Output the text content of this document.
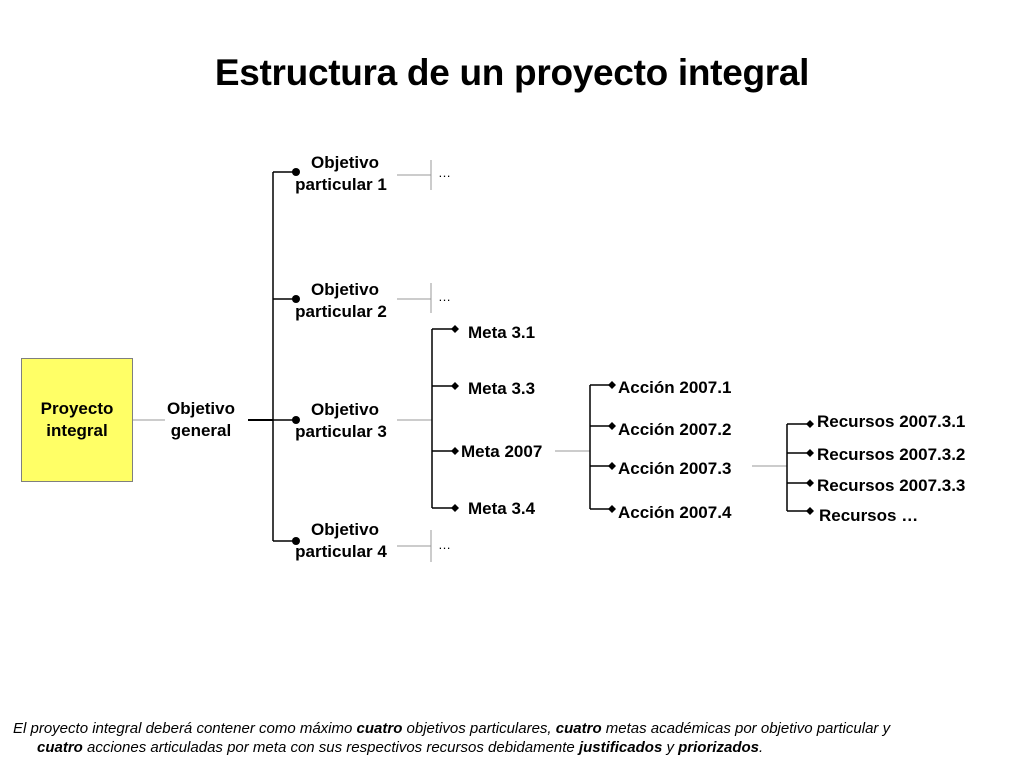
Estructura de un proyecto integral
Proyecto integral
Objetivo general
Objetivo
particular 1
…
Objetivo
particular 2
…
Objetivo
particular 3
Objetivo
particular 4	…
Meta 3.1
Meta 3.3
Meta 2007
Meta 3.4
Acción 2007.1
Acción 2007.2
Acción 2007.3
Acción 2007.4
Recursos 2007.3.1
Recursos 2007.3.2
Recursos 2007.3.3
Recursos …
El proyecto integral deberá contener como máximo cuatro objetivos particulares, cuatro metas académicas por objetivo particular y
cuatro acciones articuladas por meta con sus respectivos recursos debidamente justificados y priorizados.
